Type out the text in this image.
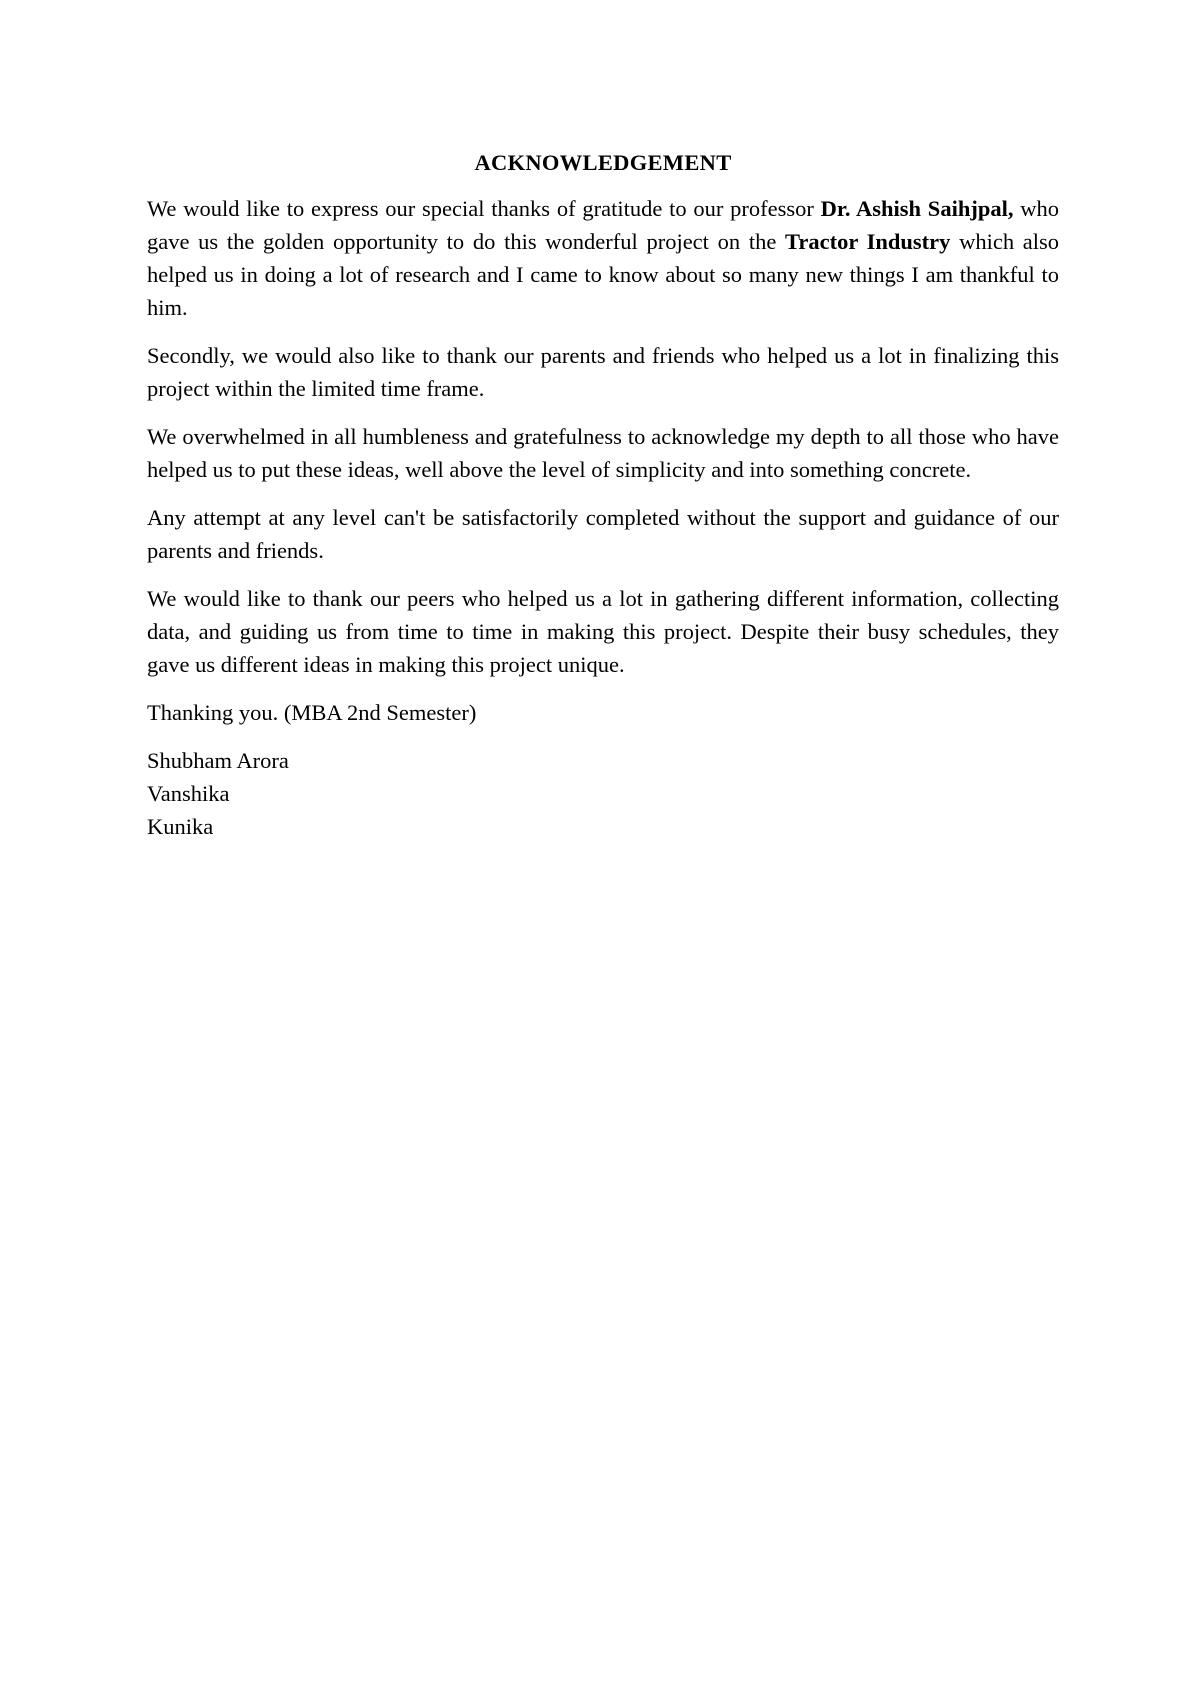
ACKNOWLEDGEMENT

We would like to express our special thanks of gratitude to our professor Dr. Ashish Saihjpal, who gave us the golden opportunity to do this wonderful project on the Tractor Industry which also helped us in doing a lot of research and I came to know about so many new things I am thankful to him.

Secondly, we would also like to thank our parents and friends who helped us a lot in finalizing this project within the limited time frame.

We overwhelmed in all humbleness and gratefulness to acknowledge my depth to all those who have helped us to put these ideas, well above the level of simplicity and into something concrete.

Any attempt at any level can't be satisfactorily completed without the support and guidance of our parents and friends.

We would like to thank our peers who helped us a lot in gathering different information, collecting data, and guiding us from time to time in making this project. Despite their busy schedules, they gave us different ideas in making this project unique.

Thanking you. (MBA 2nd Semester)

Shubham Arora
Vanshika
Kunika
